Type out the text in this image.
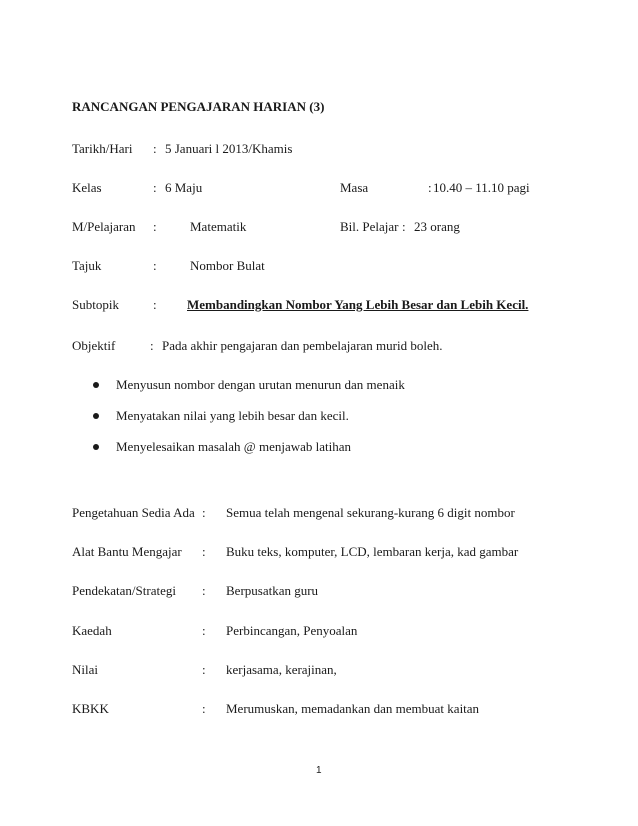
RANCANGAN PENGAJARAN HARIAN (3)
Tarikh/Hari : 5 Januari l 2013/Khamis
Kelas	: 6 Maju	Masa	: 10.40 – 11.10 pagi
M/Pelajaran :	Matematik	Bil. Pelajar : 23 orang
Tajuk	:	Nombor Bulat
Subtopik	: Membandingkan Nombor Yang Lebih Besar dan Lebih Kecil.
Objektif	: Pada akhir pengajaran dan pembelajaran murid boleh.
Menyusun nombor dengan urutan menurun dan menaik
Menyatakan nilai yang lebih besar dan kecil.
Menyelesaikan masalah @ menjawab latihan
Pengetahuan Sedia Ada : Semua telah mengenal sekurang-kurang 6 digit nombor
Alat Bantu Mengajar : Buku teks, komputer, LCD, lembaran kerja, kad gambar
Pendekatan/Strategi : Berpusatkan guru
Kaedah	: Perbincangan, Penyoalan
Nilai	: kerjasama, kerajinan,
KBKK	: Merumuskan, memadankan dan membuat kaitan
1
